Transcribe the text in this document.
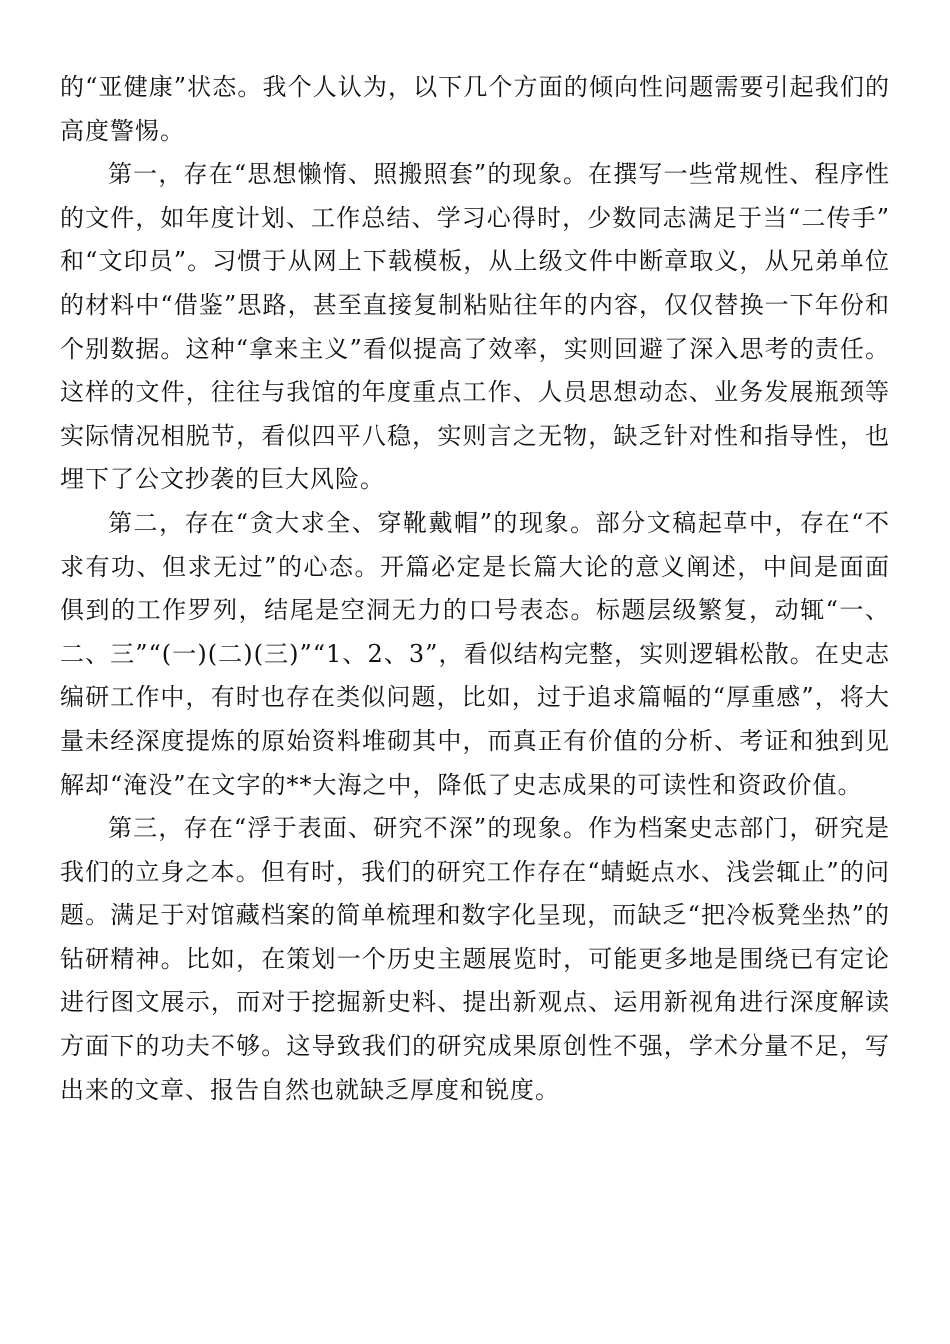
的“亚健康”状态。我个人认为，以下几个方面的倾向性问题需要引起我们的高度警惕。

第一，存在“思想懒惰、照搬照套”的现象。在撰写一些常规性、程序性的文件，如年度计划、工作总结、学习心得时，少数同志满足于当“二传手”和“文印员”。习惯于从网上下载模板，从上级文件中断章取义，从兄弟单位的材料中“借鉴”思路，甚至直接复制粘贴往年的内容，仅仅替换一下年份和个别数据。这种“拿来主义”看似提高了效率，实则回避了深入思考的责任。这样的文件，往往与我馆的年度重点工作、人员思想动态、业务发展瓶颈等实际情况相脱节，看似四平八稳，实则言之无物，缺乏针对性和指导性，也埋下了公文抄袭的巨大风险。

第二，存在“贪大求全、穿靴戴帽”的现象。部分文稿起草中，存在“不求有功、但求无过”的心态。开篇必定是长篇大论的意义阐述，中间是面面俱到的工作罗列，结尾是空洞无力的口号表态。标题层级繁复，动辄“一、二、三”“(一)(二)(三)”“1、2、3”，看似结构完整，实则逻辑松散。在史志编研工作中，有时也存在类似问题，比如，过于追求篇幅的“厚重感”，将大量未经深度提炼的原始资料堆砌其中，而真正有价值的分析、考证和独到见解却“淹没”在文字的**大海之中，降低了史志成果的可读性和资政价值。

第三，存在“浮于表面、研究不深”的现象。作为档案史志部门，研究是我们的立身之本。但有时，我们的研究工作存在“蜻蜓点水、浅尝辄止”的问题。满足于对馆藏档案的简单梳理和数字化呈现，而缺乏“把冷板凳坐热”的钻研精神。比如，在策划一个历史主题展览时，可能更多地是围绕已有定论进行图文展示，而对于挖掘新史料、提出新观点、运用新视角进行深度解读方面下的功夫不够。这导致我们的研究成果原创性不强，学术分量不足，写出来的文章、报告自然也就缺乏厚度和锐度。
